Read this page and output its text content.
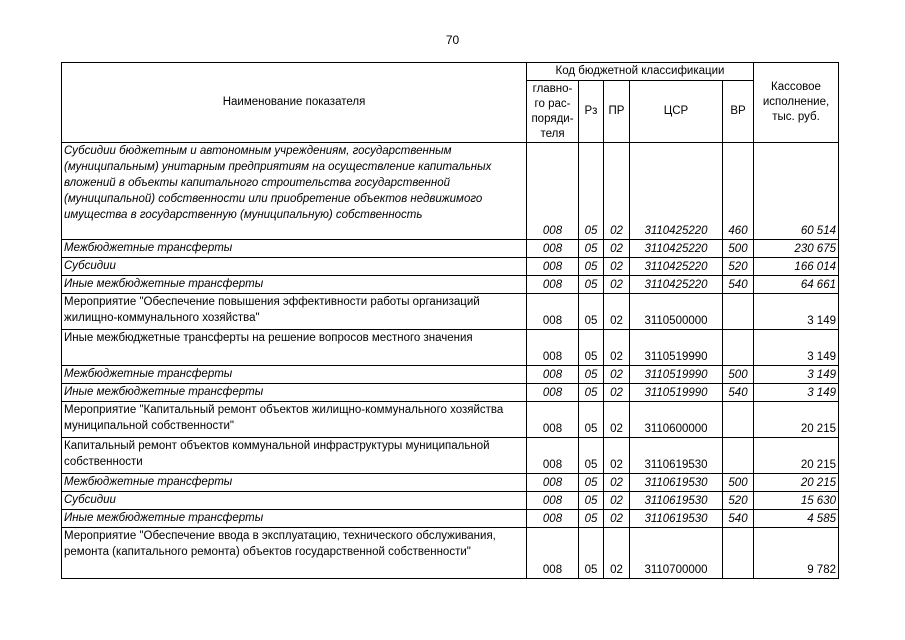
70
Наименование показателя	Код бюджетной классификации					Кассовое исполнение, тыс. руб.
	главно-го рас-поряди-теля	Рз	ПР	ЦСР	ВР	
Субсидии бюджетным и автономным учреждениям, государственным (муниципальным) унитарным предприятиям на осуществление капитальных вложений в объекты капитального строительства государственной (муниципальной) собственности или приобретение объектов недвижимого имущества в государственную (муниципальную) собственность	008	05	02	3110425220	460	60 514
Межбюджетные трансферты	008	05	02	3110425220	500	230 675
Субсидии	008	05	02	3110425220	520	166 014
Иные межбюджетные трансферты	008	05	02	3110425220	540	64 661
Мероприятие "Обеспечение повышения эффективности работы организаций жилищно-коммунального хозяйства"	008	05	02	3110500000		3 149
Иные межбюджетные трансферты на решение вопросов местного значения	008	05	02	3110519990		3 149
Межбюджетные трансферты	008	05	02	3110519990	500	3 149
Иные межбюджетные трансферты	008	05	02	3110519990	540	3 149
Мероприятие "Капитальный ремонт объектов жилищно-коммунального хозяйства муниципальной собственности"	008	05	02	3110600000		20 215
Капитальный ремонт объектов коммунальной инфраструктуры муниципальной собственности	008	05	02	3110619530		20 215
Межбюджетные трансферты	008	05	02	3110619530	500	20 215
Субсидии	008	05	02	3110619530	520	15 630
Иные межбюджетные трансферты	008	05	02	3110619530	540	4 585
Мероприятие "Обеспечение ввода в эксплуатацию, технического обслуживания, ремонта (капитального ремонта) объектов государственной собственности"	008	05	02	3110700000		9 782
